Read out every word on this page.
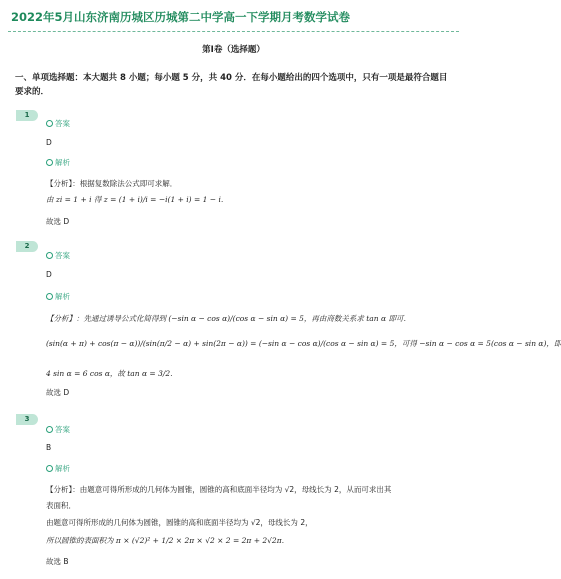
2022年5月山东济南历城区历城第二中学高一下学期月考数学试卷
第I卷（选择题）
一、单项选择题：本大题共 8 小题；每小题 5 分，共 40 分．在每小题给出的四个选项中，只有一项是最符合题目要求的．
1
答案
D
解析
【分析】：根据复数除法公式即可求解．
由 zi = 1 + i 得 z = (1 + i)/i = −i(1 + i) = 1 − i．
故选 D
2
答案
D
解析
【分析】：先通过诱导公式化简得到 (−sin α − cos α)/(cos α − sin α) = 5，再由商数关系求 tan α 即可．
(sin(α + π) + cos(π − α))/(sin(π/2 − α) + sin(2π − α)) = (−sin α − cos α)/(cos α − sin α) = 5，可得 −sin α − cos α = 5(cos α − sin α)，即
4 sin α = 6 cos α，故 tan α = 3/2．
故选 D
3
答案
B
解析
【分析】：由题意可得所形成的几何体为圆锥，圆锥的高和底面半径均为 √2，母线长为 2，从而可求出其
表面积．
由题意可得所形成的几何体为圆锥，圆锥的高和底面半径均为 √2，母线长为 2，
所以圆锥的表面积为 π × (√2)² + 1/2 × 2π × √2 × 2 = 2π + 2√2π．
故选 B
